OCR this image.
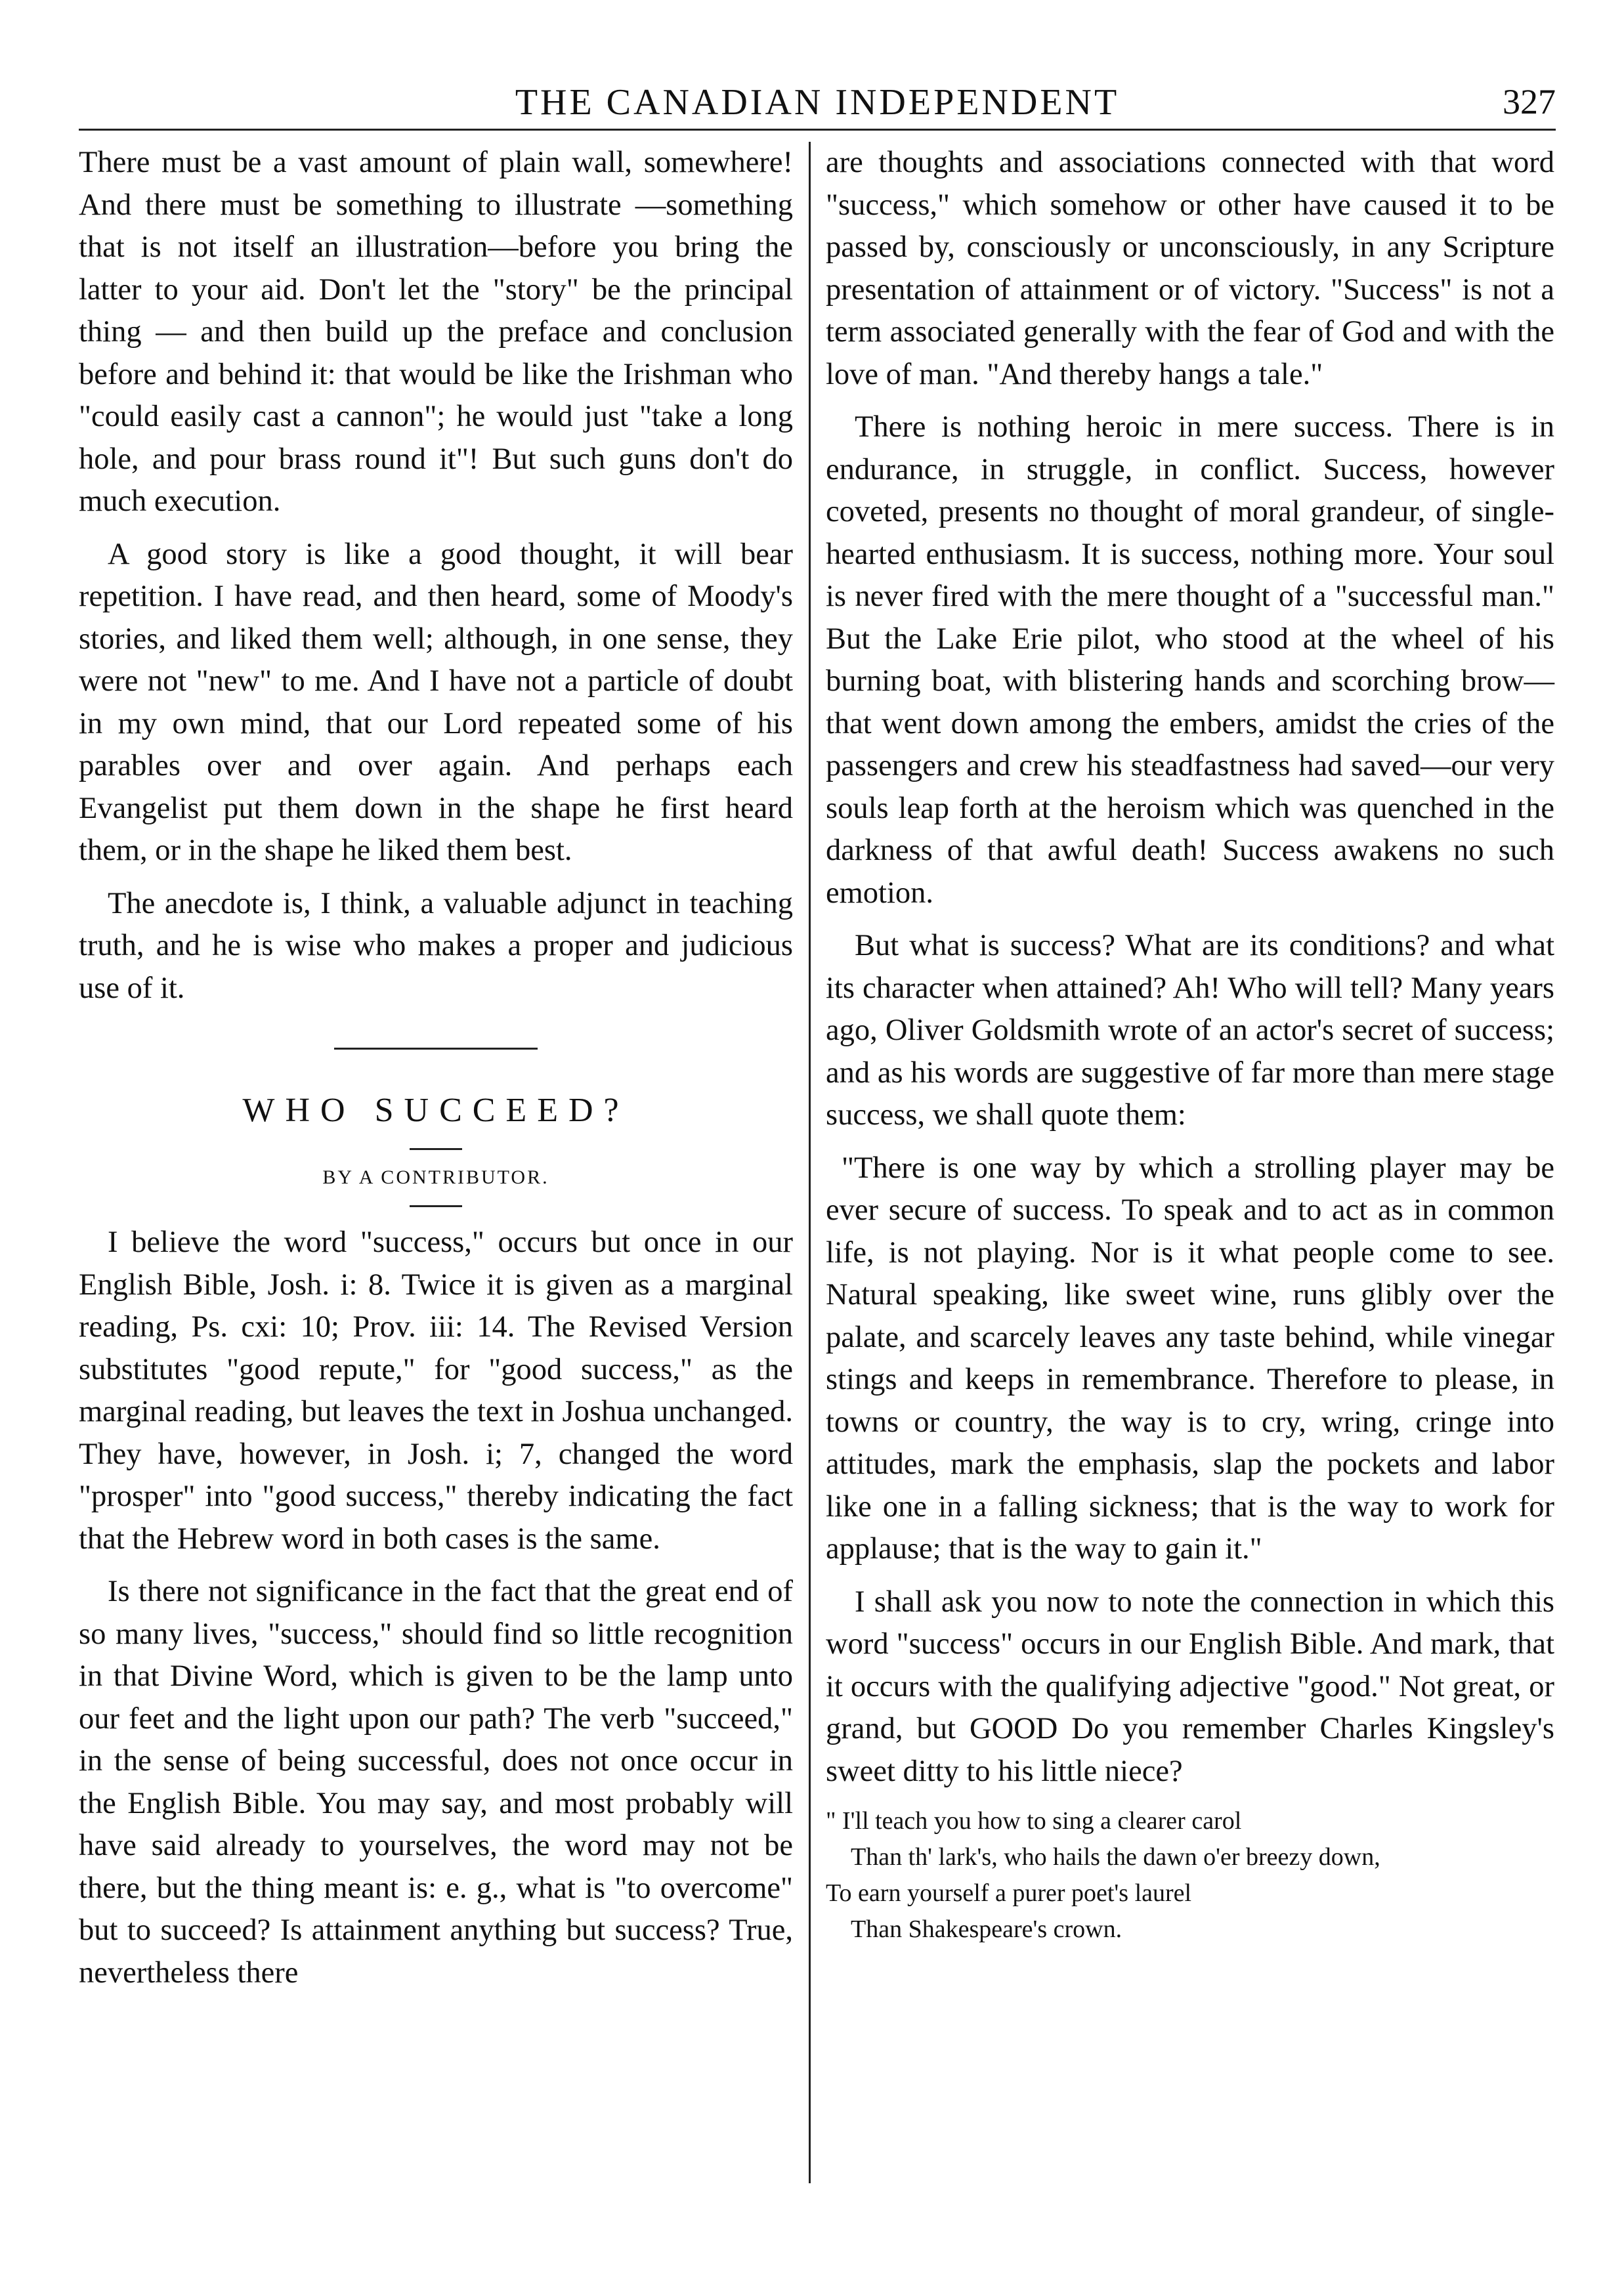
THE CANADIAN INDEPENDENT	327

There must be a vast amount of plain wall, somewhere! And there must be something to illustrate —something that is not itself an illustration—before you bring the latter to your aid. Don't let the "story" be the principal thing — and then build up the preface and conclusion before and behind it: that would be like the Irishman who "could easily cast a cannon"; he would just "take a long hole, and pour brass round it"! But such guns don't do much execution.

A good story is like a good thought, it will bear repetition. I have read, and then heard, some of Moody's stories, and liked them well; although, in one sense, they were not "new" to me. And I have not a particle of doubt in my own mind, that our Lord repeated some of his parables over and over again. And perhaps each Evangelist put them down in the shape he first heard them, or in the shape he liked them best.

The anecdote is, I think, a valuable adjunct in teaching truth, and he is wise who makes a proper and judicious use of it.

WHO SUCCEED?
BY A CONTRIBUTOR.

I believe the word "success," occurs but once in our English Bible, Josh. i: 8. Twice it is given as a marginal reading, Ps. cxi: 10; Prov. iii: 14. The Revised Version substitutes "good repute," for "good success," as the marginal reading, but leaves the text in Joshua unchanged. They have, however, in Josh. i; 7, changed the word "prosper" into "good success," thereby indicating the fact that the Hebrew word in both cases is the same.

Is there not significance in the fact that the great end of so many lives, "success," should find so little recognition in that Divine Word, which is given to be the lamp unto our feet and the light upon our path? The verb "succeed," in the sense of being successful, does not once occur in the English Bible. You may say, and most probably will have said already to yourselves, the word may not be there, but the thing meant is: e. g., what is "to overcome" but to succeed? Is attainment anything but success? True, nevertheless there

are thoughts and associations connected with that word "success," which somehow or other have caused it to be passed by, consciously or unconsciously, in any Scripture presentation of attainment or of victory. "Success" is not a term associated generally with the fear of God and with the love of man. "And thereby hangs a tale."

There is nothing heroic in mere success. There is in endurance, in struggle, in conflict. Success, however coveted, presents no thought of moral grandeur, of single-hearted enthusiasm. It is success, nothing more. Your soul is never fired with the mere thought of a "successful man." But the Lake Erie pilot, who stood at the wheel of his burning boat, with blistering hands and scorching brow—that went down among the embers, amidst the cries of the passengers and crew his steadfastness had saved—our very souls leap forth at the heroism which was quenched in the darkness of that awful death! Success awakens no such emotion.

But what is success? What are its conditions? and what its character when attained? Ah! Who will tell? Many years ago, Oliver Goldsmith wrote of an actor's secret of success; and as his words are suggestive of far more than mere stage success, we shall quote them:

"There is one way by which a strolling player may be ever secure of success. To speak and to act as in common life, is not playing. Nor is it what people come to see. Natural speaking, like sweet wine, runs glibly over the palate, and scarcely leaves any taste behind, while vinegar stings and keeps in remembrance. Therefore to please, in towns or country, the way is to cry, wring, cringe into attitudes, mark the emphasis, slap the pockets and labor like one in a falling sickness; that is the way to work for applause; that is the way to gain it."

I shall ask you now to note the connection in which this word "success" occurs in our English Bible. And mark, that it occurs with the qualifying adjective "good." Not great, or grand, but GOOD Do you remember Charles Kingsley's sweet ditty to his little niece?

" I'll teach you how to sing a clearer carol
Than th' lark's, who hails the dawn o'er breezy down,
To earn yourself a purer poet's laurel
Than Shakespeare's crown.
